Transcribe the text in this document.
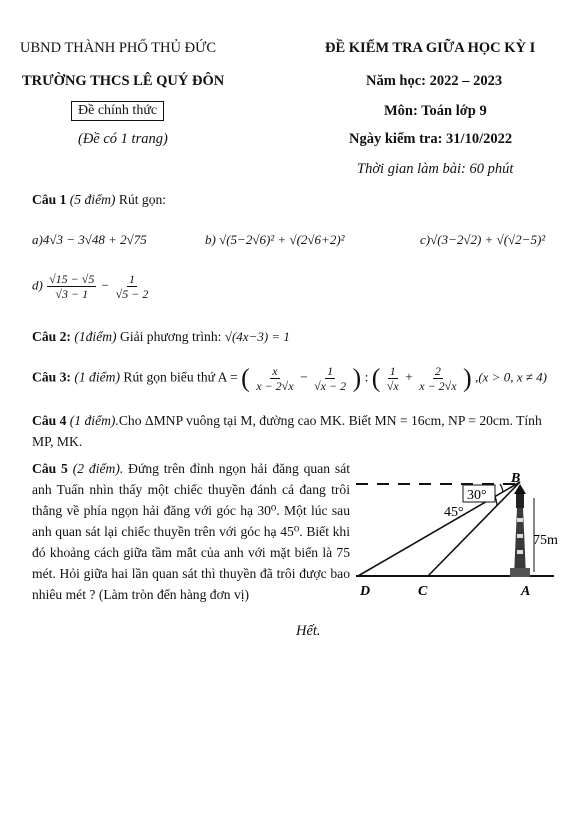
UBND THÀNH PHỐ THỦ ĐỨC
TRƯỜNG THCS LÊ QUÝ ĐÔN
Đề chính thức
(Đề có 1 trang)
ĐỀ KIỂM TRA GIỮA HỌC KỲ I
Năm học: 2022 – 2023
Môn: Toán lớp 9
Ngày kiểm tra: 31/10/2022
Thời gian làm bài: 60 phút
Câu 1 (5 điểm) Rút gọn:
a)4√3 − 3√48 + 2√75	b) √(5−2√6)² + √(2√6+2)²	c)√(3−2√2) + √(√2−5)²
$d) \frac{√15 - √5}{√3 - 1} - \frac{1}{√5 - 2}$
Câu 2: (1điểm) Giải phương trình: √(4x−3) = 1
Câu 3: (1 điểm) Rút gọn biểu thứ A = ( $\frac{x}{x - 2√x} - \frac{1}{√x - 2}$ ) : ( $\frac{1}{√x} + \frac{2}{x - 2√x}$ ) ,(x > 0, x ≠ 4)
Câu 4 (1 điểm).Cho ΔMNP vuông tại M, đường cao MK. Biết MN = 16cm, NP = 20cm. Tính MP, MK.
Câu 5 (2 điểm). Đứng trên đỉnh ngọn hải đăng quan sát anh Tuấn nhìn thấy một chiếc thuyền đánh cá đang trôi thẳng về phía ngọn hải đăng với góc hạ 30⁰. Một lúc sau anh quan sát lại chiếc thuyền trên với góc hạ 45⁰. Biết khi đó khoảng cách giữa tầm mắt của anh với mặt biển là 75 mét. Hỏi giữa hai lần quan sát thì thuyền đã trôi được bao nhiêu mét ? (Làm tròn đến hàng đơn vị)
B
D	C	A
30°
45°
75m
Hết.
